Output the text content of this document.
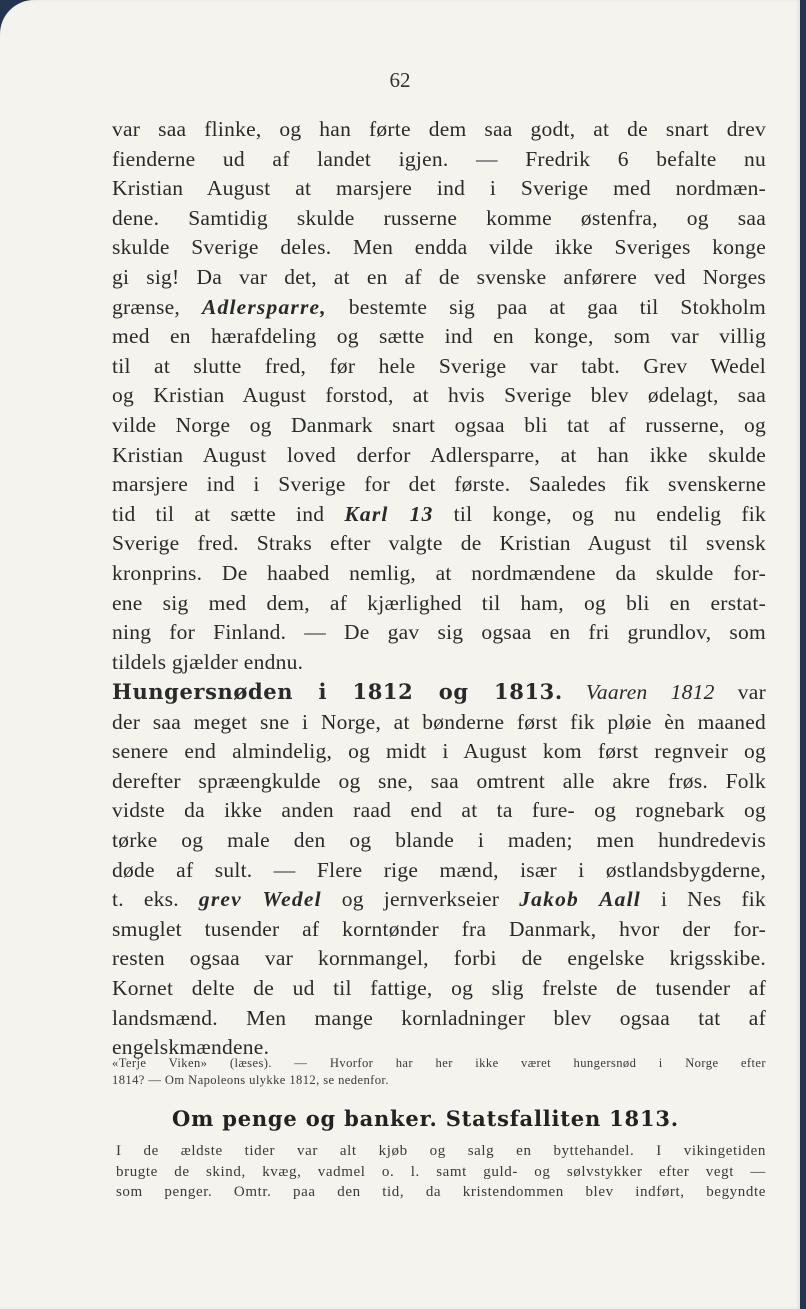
62
var saa flinke, og han førte dem saa godt, at de snart drev
fienderne ud af landet igjen. — Fredrik 6 befalte nu
Kristian August at marsjere ind i Sverige med nordmæn-
dene. Samtidig skulde russerne komme østenfra, og saa
skulde Sverige deles. Men endda vilde ikke Sveriges konge
gi sig! Da var det, at en af de svenske anførere ved Norges
grænse, Adlersparre, bestemte sig paa at gaa til Stokholm
med en hærafdeling og sætte ind en konge, som var villig
til at slutte fred, før hele Sverige var tabt. Grev Wedel
og Kristian August forstod, at hvis Sverige blev ødelagt, saa
vilde Norge og Danmark snart ogsaa bli tat af russerne, og
Kristian August loved derfor Adlersparre, at han ikke skulde
marsjere ind i Sverige for det første. Saaledes fik svenskerne
tid til at sætte ind Karl 13 til konge, og nu endelig fik
Sverige fred. Straks efter valgte de Kristian August til svensk
kronprins. De haabed nemlig, at nordmændene da skulde for-
ene sig med dem, af kjærlighed til ham, og bli en erstat-
ning for Finland. — De gav sig ogsaa en fri grundlov, som
tildels gjælder endnu.
Hungersnøden i 1812 og 1813. Vaaren 1812 var
der saa meget sne i Norge, at bønderne først fik pløie èn maaned
senere end almindelig, og midt i August kom først regnveir og
derefter spræengkulde og sne, saa omtrent alle akre frøs. Folk
vidste da ikke anden raad end at ta fure- og rognebark og
tørke og male den og blande i maden; men hundredevis
døde af sult. — Flere rige mænd, især i østlandsbygderne,
t. eks. grev Wedel og jernverkseier Jakob Aall i Nes fik
smuglet tusender af korntønder fra Danmark, hvor der for-
resten ogsaa var kornmangel, forbi de engelske krigsskibe.
Kornet delte de ud til fattige, og slig frelste de tusender af
landsmænd. Men mange kornladninger blev ogsaa tat af
engelskmændene.
«Terje Viken» (læses). — Hvorfor har her ikke været hungersnød i Norge efter
1814? — Om Napoleons ulykke 1812, se nedenfor.
Om penge og banker. Statsfalliten 1813.
I de ældste tider var alt kjøb og salg en byttehandel. I vikingetiden
brugte de skind, kvæg, vadmel o. l. samt guld- og sølvstykker efter vegt —
som penger. Omtr. paa den tid, da kristendommen blev indført, begyndte
